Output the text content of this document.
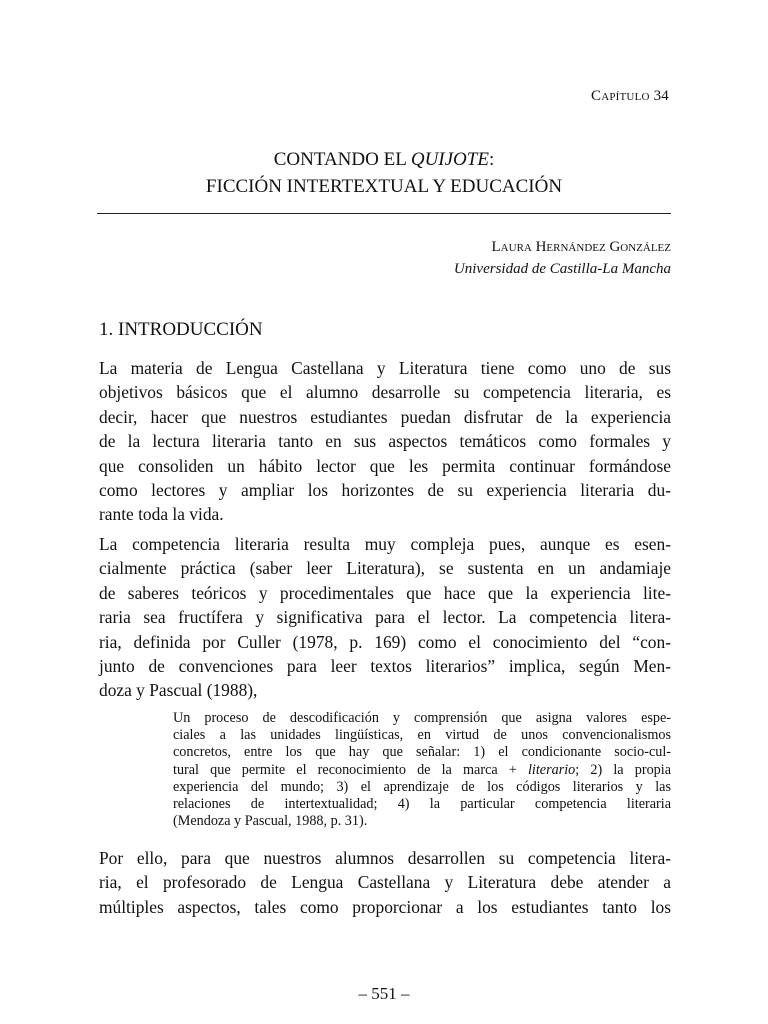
Capítulo 34
CONTANDO EL QUIJOTE:
FICCIÓN INTERTEXTUAL Y EDUCACIÓN
Laura Hernández González
Universidad de Castilla-La Mancha
1. INTRODUCCIÓN

La materia de Lengua Castellana y Literatura tiene como uno de sus
objetivos básicos que el alumno desarrolle su competencia literaria, es
decir, hacer que nuestros estudiantes puedan disfrutar de la experiencia
de la lectura literaria tanto en sus aspectos temáticos como formales y
que consoliden un hábito lector que les permita continuar formándose
como lectores y ampliar los horizontes de su experiencia literaria du-
rante toda la vida.

La competencia literaria resulta muy compleja pues, aunque es esen-
cialmente práctica (saber leer Literatura), se sustenta en un andamiaje
de saberes teóricos y procedimentales que hace que la experiencia lite-
raria sea fructífera y significativa para el lector. La competencia litera-
ria, definida por Culler (1978, p. 169) como el conocimiento del “con-
junto de convenciones para leer textos literarios” implica, según Men-
doza y Pascual (1988),

Un proceso de descodificación y comprensión que asigna valores espe-
ciales a las unidades lingüísticas, en virtud de unos convencionalismos
concretos, entre los que hay que señalar: 1) el condicionante socio-cul-
tural que permite el reconocimiento de la marca + literario; 2) la propia
experiencia del mundo; 3) el aprendizaje de los códigos literarios y las
relaciones de intertextualidad; 4) la particular competencia literaria
(Mendoza y Pascual, 1988, p. 31).

Por ello, para que nuestros alumnos desarrollen su competencia litera-
ria, el profesorado de Lengua Castellana y Literatura debe atender a
múltiples aspectos, tales como proporcionar a los estudiantes tanto los

– 551 –
